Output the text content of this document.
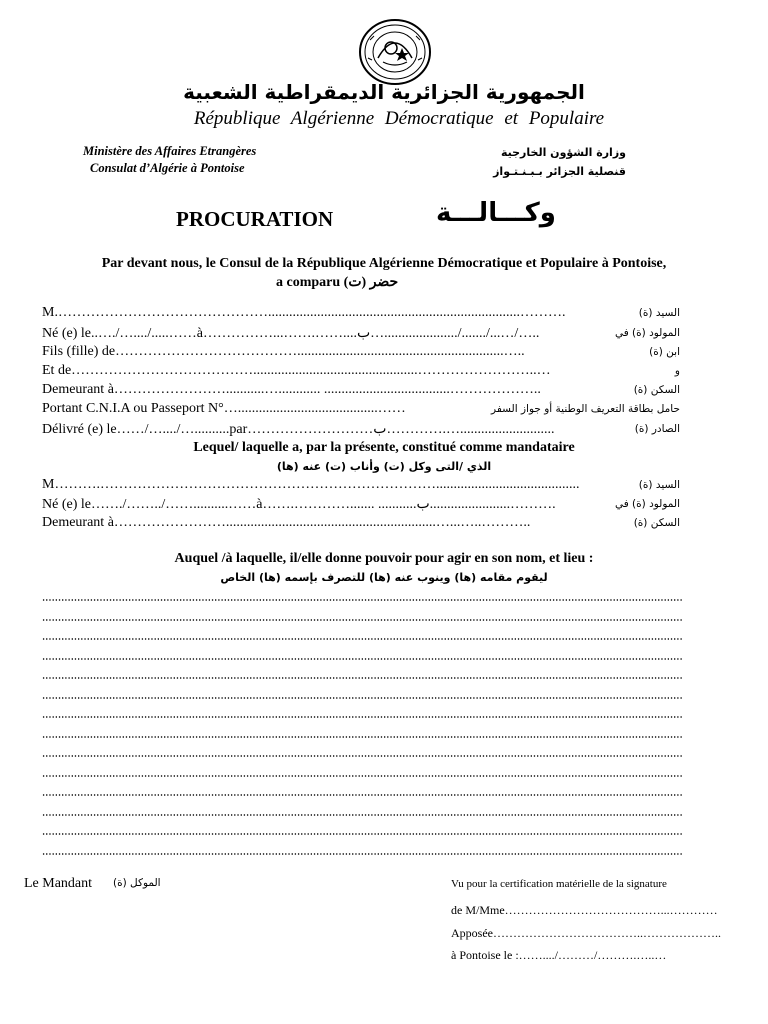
الجمهورية الجزائرية الديمقراطية الشعبية
République Algérienne Démocratique et Populaire
Ministère des Affaires Etrangères
Consulat d’Algérie à Pontoise
وزارة الشؤون الخارجية
قنصلية الجزائر بـبـنـتـواز
PROCURATION	وكـــالـــة
Par devant nous, le Consul de la République Algérienne Démocratique et Populaire à Pontoise,
a comparu (ت) حضر
M.………………………………………........................................................................……….	السيد (ة)
Né (e) le..…./…..../.....……à……………...…….……....ب…...................../......./...…/…..	المولود (ة) في
Fils (fille) de…………………………………...........................................................…..	ابن (ة)
Et de…………………………………...............................................……………………..…	و
Demeurant à……………………...........…............ ....................................………………..	السكن (ة)
Portant C.N.I.A ou Passeport N°…........................................……	حامل بطاقة التعريف الوطنية أو جواز السفر
Délivré (e) le……/…..../…..........par………………………ب………….…...........................	الصادر (ة)
Lequel/ laquelle a, par la présente, constitué comme mandataire
الذي /التى وكل (ت) وأناب (ت) عنه (ها)
M……….……………………………………………………………….........................................	السيد (ة)
Né (e) le……./……../……..........……à…….…………....... ...........ب.......................……….	المولود (ة) في
Demeurant à……………………............................................................…...…..………..	السكن (ة)
Auquel /à laquelle, il/elle donne pouvoir pour agir en son nom, et lieu :
ليقوم مقامه (ها) وينوب عنه (ها) للتصرف بإسمه (ها) الخاص
Le Mandant الموكل (ة)	Vu pour la certification matérielle de la signature
de M/Mme…………………………………...…………
Apposée………………………………..………………..
à Pontoise le :……..../………/……….…..…
